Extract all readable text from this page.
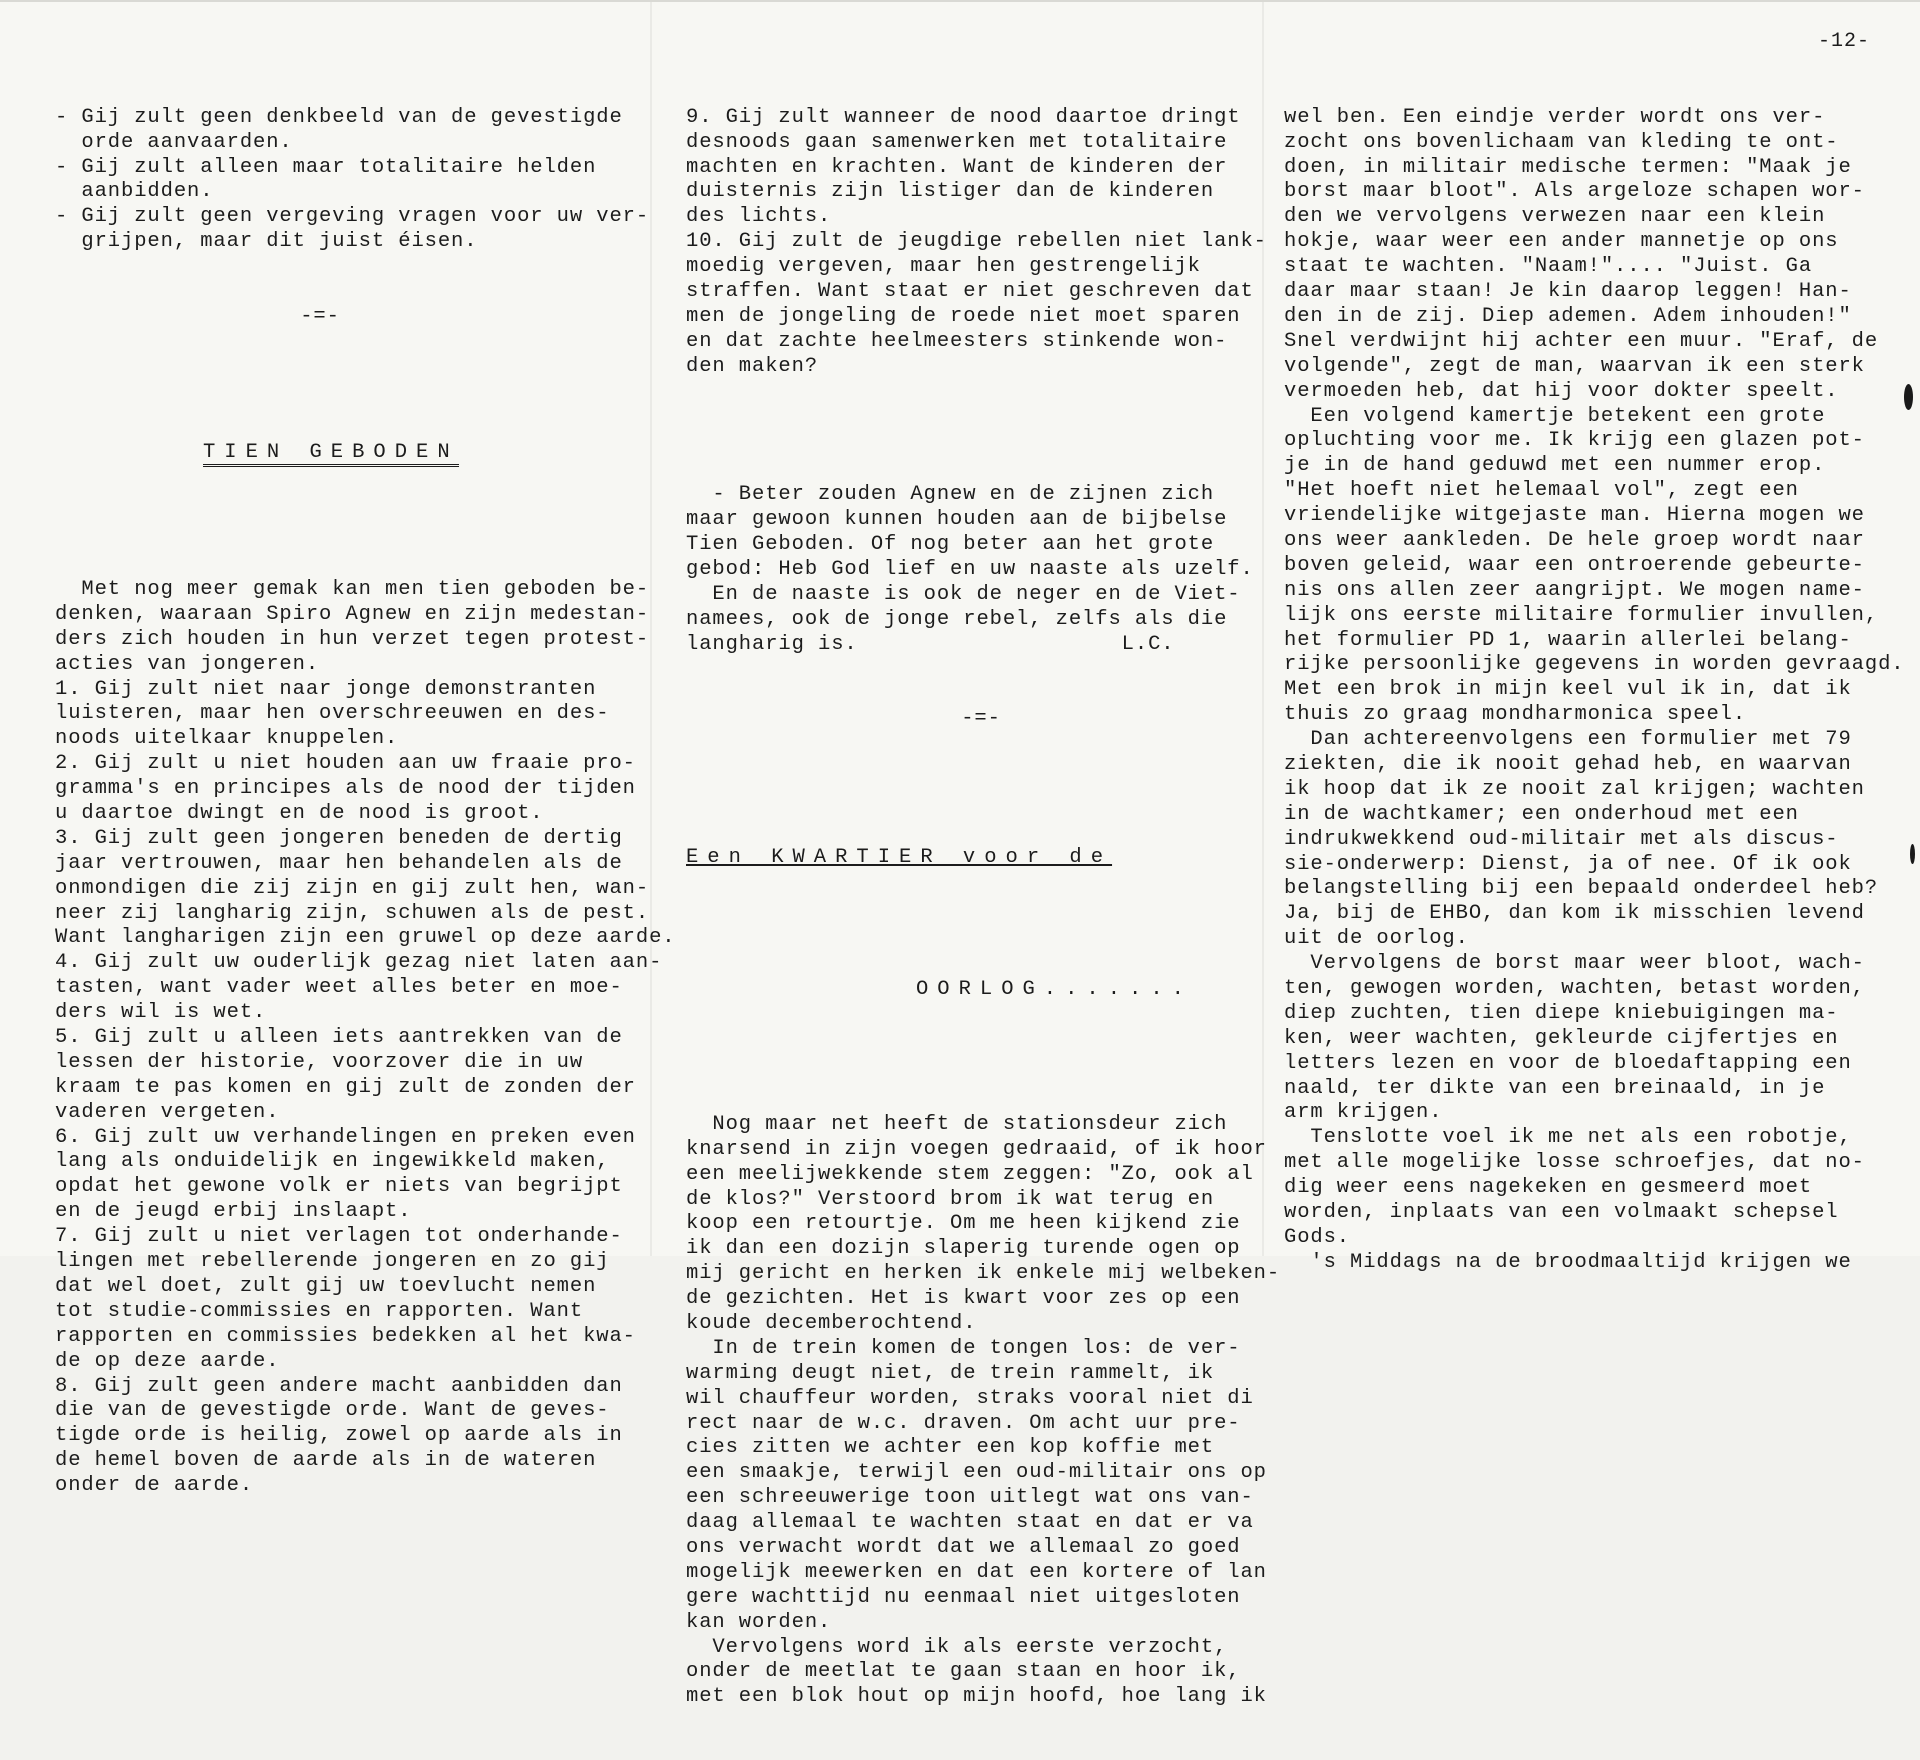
-12-

- Gij zult geen denkbeeld van de gevestigde
orde aanvaarden.
- Gij zult alleen maar totalitaire helden
aanbidden.
- Gij zult geen vergeving vragen voor uw ver-
grijpen, maar dit juist éisen.

-=-

TIEN GEBODEN

Met nog meer gemak kan men tien geboden be-
denken, waaraan Spiro Agnew en zijn medestan-
ders zich houden in hun verzet tegen protest-
acties van jongeren.
1. Gij zult niet naar jonge demonstranten
luisteren, maar hen overschreeuwen en des-
noods uitelkaar knuppelen.
2. Gij zult u niet houden aan uw fraaie pro-
gramma's en principes als de nood der tijden
u daartoe dwingt en de nood is groot.
3. Gij zult geen jongeren beneden de dertig
jaar vertrouwen, maar hen behandelen als de
onmondigen die zij zijn en gij zult hen, wan-
neer zij langharig zijn, schuwen als de pest.
Want langharigen zijn een gruwel op deze aarde.
4. Gij zult uw ouderlijk gezag niet laten aan-
tasten, want vader weet alles beter en moe-
ders wil is wet.
5. Gij zult u alleen iets aantrekken van de
lessen der historie, voorzover die in uw
kraam te pas komen en gij zult de zonden der
vaderen vergeten.
6. Gij zult uw verhandelingen en preken even
lang als onduidelijk en ingewikkeld maken,
opdat het gewone volk er niets van begrijpt
en de jeugd erbij inslaapt.
7. Gij zult u niet verlagen tot onderhande-
lingen met rebellerende jongeren en zo gij
dat wel doet, zult gij uw toevlucht nemen
tot studie-commissies en rapporten. Want
rapporten en commissies bedekken al het kwa-
de op deze aarde.
8. Gij zult geen andere macht aanbidden dan
die van de gevestigde orde. Want de geves-
tigde orde is heilig, zowel op aarde als in
de hemel boven de aarde als in de wateren
onder de aarde.

9. Gij zult wanneer de nood daartoe dringt
desnoods gaan samenwerken met totalitaire
machten en krachten. Want de kinderen der
duisternis zijn listiger dan de kinderen
des lichts.
10. Gij zult de jeugdige rebellen niet lank-
moedig vergeven, maar hen gestrengelijk
straffen. Want staat er niet geschreven dat
men de jongeling de roede niet moet sparen
en dat zachte heelmeesters stinkende won-
den maken?

- Beter zouden Agnew en de zijnen zich
maar gewoon kunnen houden aan de bijbelse
Tien Geboden. Of nog beter aan het grote
gebod: Heb God lief en uw naaste als uzelf.
En de naaste is ook de neger en de Viet-
namees, ook de jonge rebel, zelfs als die
langharig is.                    L.C.

-=-

Een KWARTIER voor de

OORLOG.......

Nog maar net heeft de stationsdeur zich
knarsend in zijn voegen gedraaid, of ik hoor
een meelijwekkende stem zeggen: "Zo, ook al
de klos?" Verstoord brom ik wat terug en
koop een retourtje. Om me heen kijkend zie
ik dan een dozijn slaperig turende ogen op
mij gericht en herken ik enkele mij welbeken-
de gezichten. Het is kwart voor zes op een
koude decemberochtend.
In de trein komen de tongen los: de ver-
warming deugt niet, de trein rammelt, ik
wil chauffeur worden, straks vooral niet di
rect naar de w.c. draven. Om acht uur pre-
cies zitten we achter een kop koffie met
een smaakje, terwijl een oud-militair ons op
een schreeuwerige toon uitlegt wat ons van-
daag allemaal te wachten staat en dat er va
ons verwacht wordt dat we allemaal zo goed
mogelijk meewerken en dat een kortere of lan
gere wachttijd nu eenmaal niet uitgesloten
kan worden.
Vervolgens word ik als eerste verzocht,
onder de meetlat te gaan staan en hoor ik,
met een blok hout op mijn hoofd, hoe lang ik

wel ben. Een eindje verder wordt ons ver-
zocht ons bovenlichaam van kleding te ont-
doen, in militair medische termen: "Maak je
borst maar bloot". Als argeloze schapen wor-
den we vervolgens verwezen naar een klein
hokje, waar weer een ander mannetje op ons
staat te wachten. "Naam!".... "Juist. Ga
daar maar staan! Je kin daarop leggen! Han-
den in de zij. Diep ademen. Adem inhouden!"
Snel verdwijnt hij achter een muur. "Eraf, de
volgende", zegt de man, waarvan ik een sterk
vermoeden heb, dat hij voor dokter speelt.
Een volgend kamertje betekent een grote
opluchting voor me. Ik krijg een glazen pot-
je in de hand geduwd met een nummer erop.
"Het hoeft niet helemaal vol", zegt een
vriendelijke witgejaste man. Hierna mogen we
ons weer aankleden. De hele groep wordt naar
boven geleid, waar een ontroerende gebeurte-
nis ons allen zeer aangrijpt. We mogen name-
lijk ons eerste militaire formulier invullen,
het formulier PD 1, waarin allerlei belang-
rijke persoonlijke gegevens in worden gevraagd.
Met een brok in mijn keel vul ik in, dat ik
thuis zo graag mondharmonica speel.
Dan achtereenvolgens een formulier met 79
ziekten, die ik nooit gehad heb, en waarvan
ik hoop dat ik ze nooit zal krijgen; wachten
in de wachtkamer; een onderhoud met een
indrukwekkend oud-militair met als discus-
sie-onderwerp: Dienst, ja of nee. Of ik ook
belangstelling bij een bepaald onderdeel heb?
Ja, bij de EHBO, dan kom ik misschien levend
uit de oorlog.
Vervolgens de borst maar weer bloot, wach-
ten, gewogen worden, wachten, betast worden,
diep zuchten, tien diepe kniebuigingen ma-
ken, weer wachten, gekleurde cijfertjes en
letters lezen en voor de bloedaftapping een
naald, ter dikte van een breinaald, in je
arm krijgen.
Tenslotte voel ik me net als een robotje,
met alle mogelijke losse schroefjes, dat no-
dig weer eens nagekeken en gesmeerd moet
worden, inplaats van een volmaakt schepsel
Gods.
's Middags na de broodmaaltijd krijgen we
